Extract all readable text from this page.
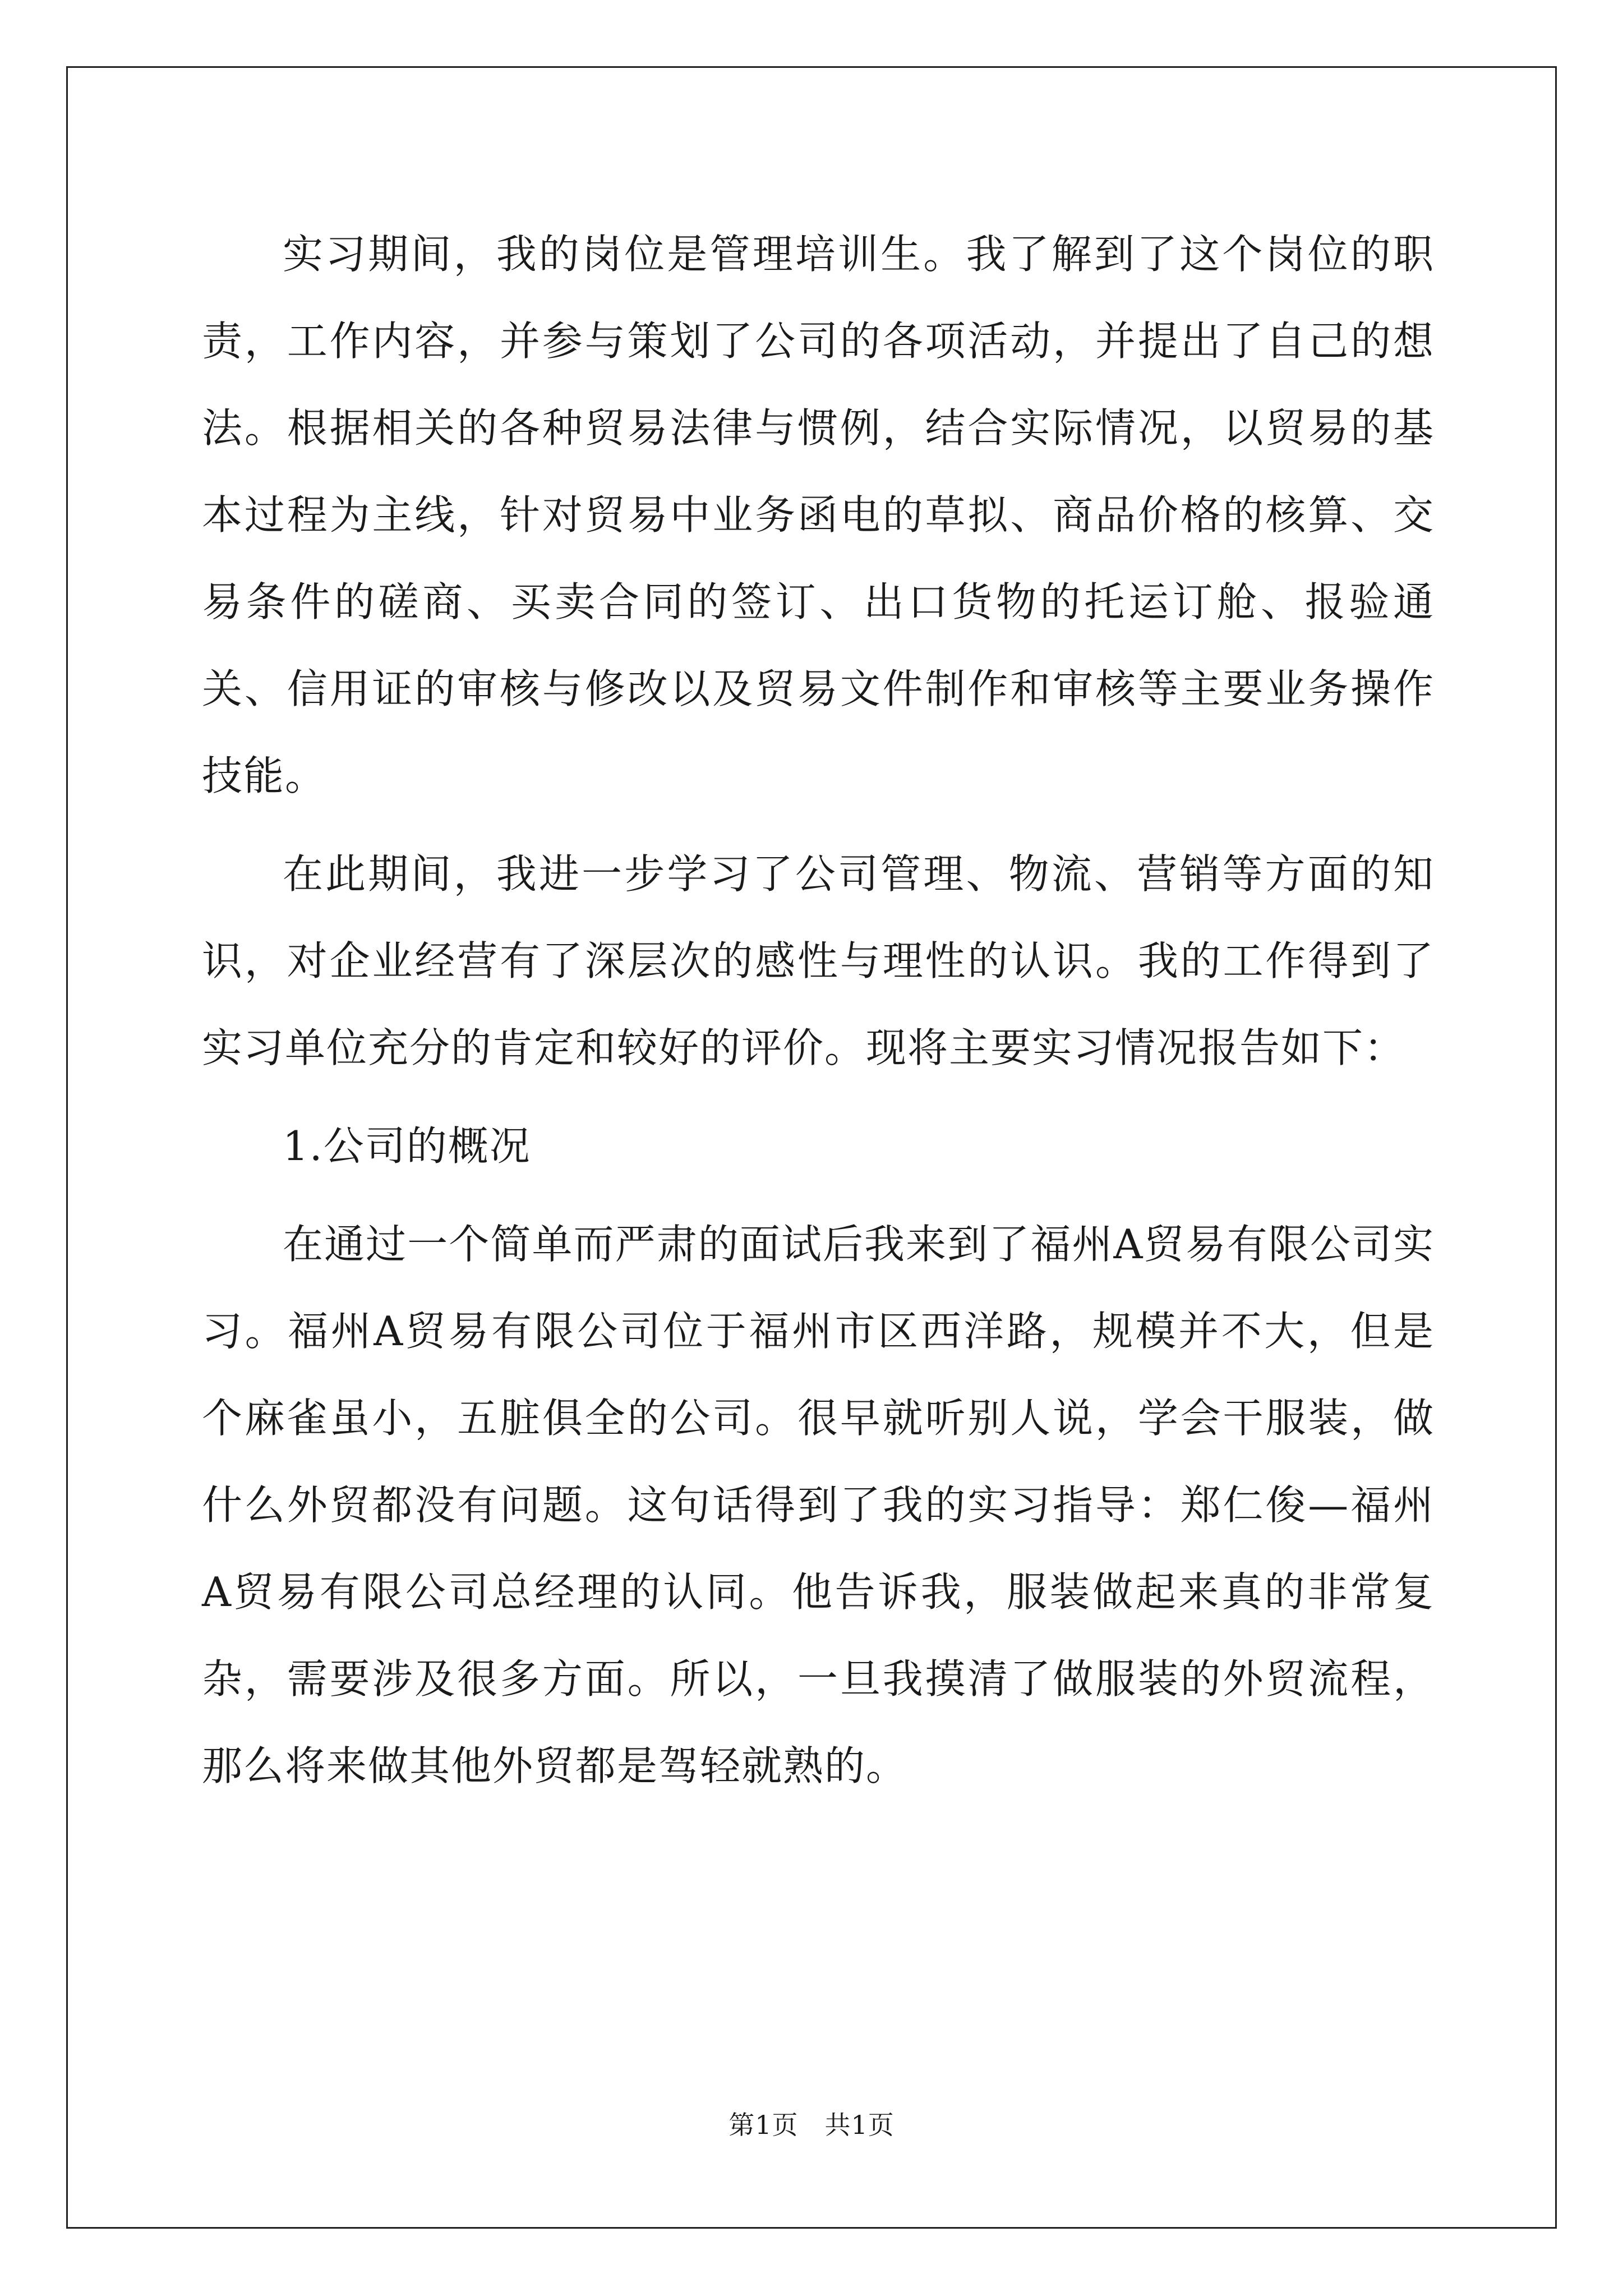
实习期间，我的岗位是管理培训生。我了解到了这个岗位的职责，工作内容，并参与策划了公司的各项活动，并提出了自己的想法。根据相关的各种贸易法律与惯例，结合实际情况，以贸易的基本过程为主线，针对贸易中业务函电的草拟、商品价格的核算、交易条件的磋商、买卖合同的签订、出口货物的托运订舱、报验通关、信用证的审核与修改以及贸易文件制作和审核等主要业务操作技能。

在此期间，我进一步学习了公司管理、物流、营销等方面的知识，对企业经营有了深层次的感性与理性的认识。我的工作得到了实习单位充分的肯定和较好的评价。现将主要实习情况报告如下：

1.公司的概况

在通过一个简单而严肃的面试后我来到了福州A贸易有限公司实习。福州A贸易有限公司位于福州市区西洋路，规模并不大，但是个麻雀虽小，五脏俱全的公司。很早就听别人说，学会干服装，做什么外贸都没有问题。这句话得到了我的实习指导：郑仁俊—福州A贸易有限公司总经理的认同。他告诉我，服装做起来真的非常复杂，需要涉及很多方面。所以，一旦我摸清了做服装的外贸流程，那么将来做其他外贸都是驾轻就熟的。

第1页　共1页
